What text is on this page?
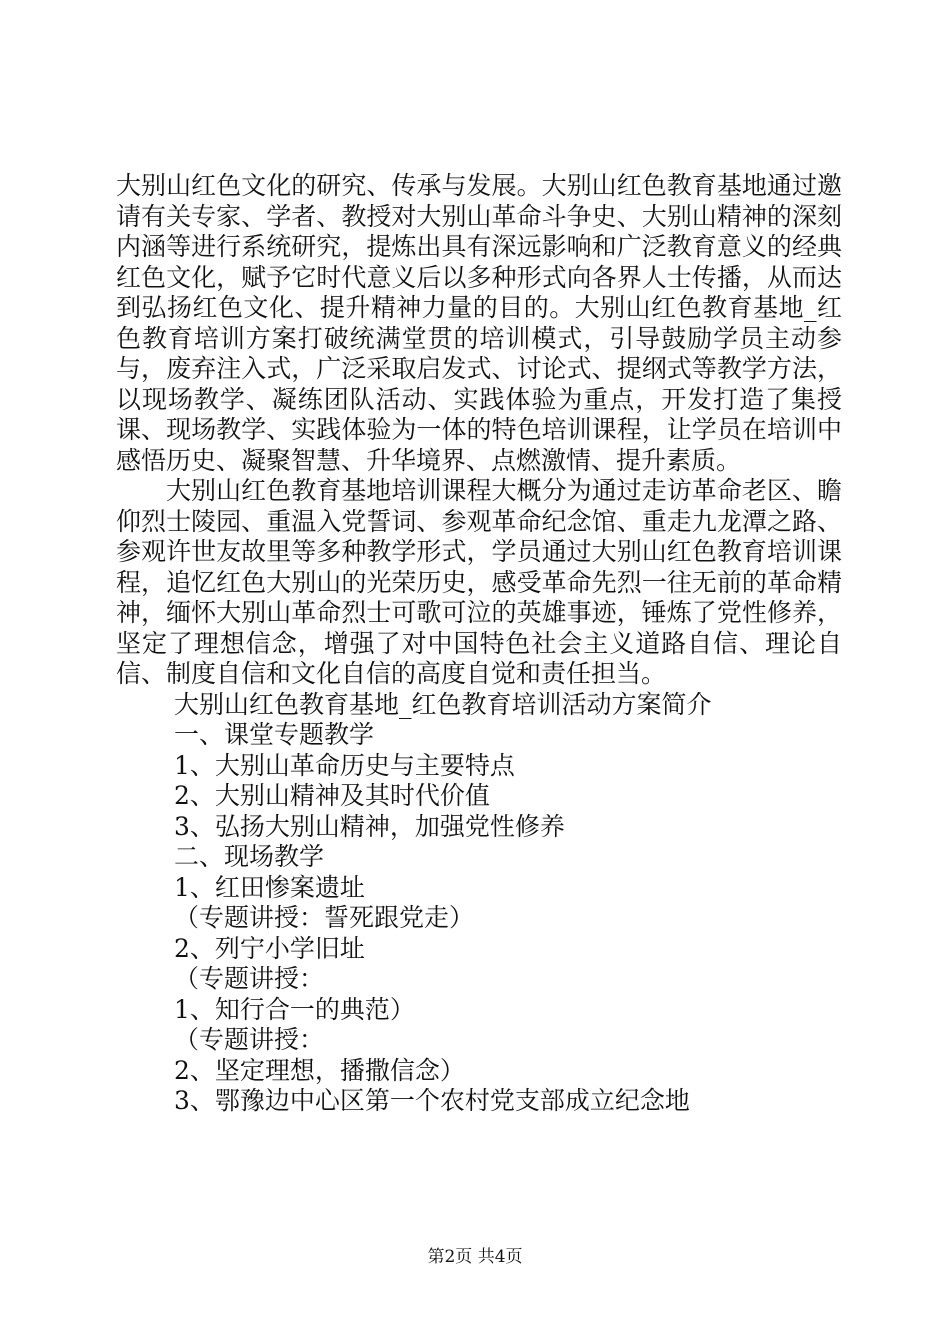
大别山红色文化的研究、传承与发展。大别山红色教育基地通过邀请有关专家、学者、教授对大别山革命斗争史、大别山精神的深刻内涵等进行系统研究，提炼出具有深远影响和广泛教育意义的经典红色文化，赋予它时代意义后以多种形式向各界人士传播，从而达到弘扬红色文化、提升精神力量的目的。大别山红色教育基地_红色教育培训方案打破统满堂贯的培训模式，引导鼓励学员主动参与，废弃注入式，广泛采取启发式、讨论式、提纲式等教学方法，以现场教学、凝练团队活动、实践体验为重点，开发打造了集授课、现场教学、实践体验为一体的特色培训课程，让学员在培训中感悟历史、凝聚智慧、升华境界、点燃激情、提升素质。

大别山红色教育基地培训课程大概分为通过走访革命老区、瞻仰烈士陵园、重温入党誓词、参观革命纪念馆、重走九龙潭之路、参观许世友故里等多种教学形式，学员通过大别山红色教育培训课程，追忆红色大别山的光荣历史，感受革命先烈一往无前的革命精神，缅怀大别山革命烈士可歌可泣的英雄事迹，锤炼了党性修养，坚定了理想信念，增强了对中国特色社会主义道路自信、理论自信、制度自信和文化自信的高度自觉和责任担当。

大别山红色教育基地_红色教育培训活动方案简介

一、课堂专题教学

1、大别山革命历史与主要特点

2、大别山精神及其时代价值

3、弘扬大别山精神，加强党性修养

二、现场教学

1、红田惨案遗址

（专题讲授：誓死跟党走）

2、列宁小学旧址

（专题讲授：

1、知行合一的典范）

（专题讲授：

2、坚定理想，播撒信念）

3、鄂豫边中心区第一个农村党支部成立纪念地

第2页 共4页
